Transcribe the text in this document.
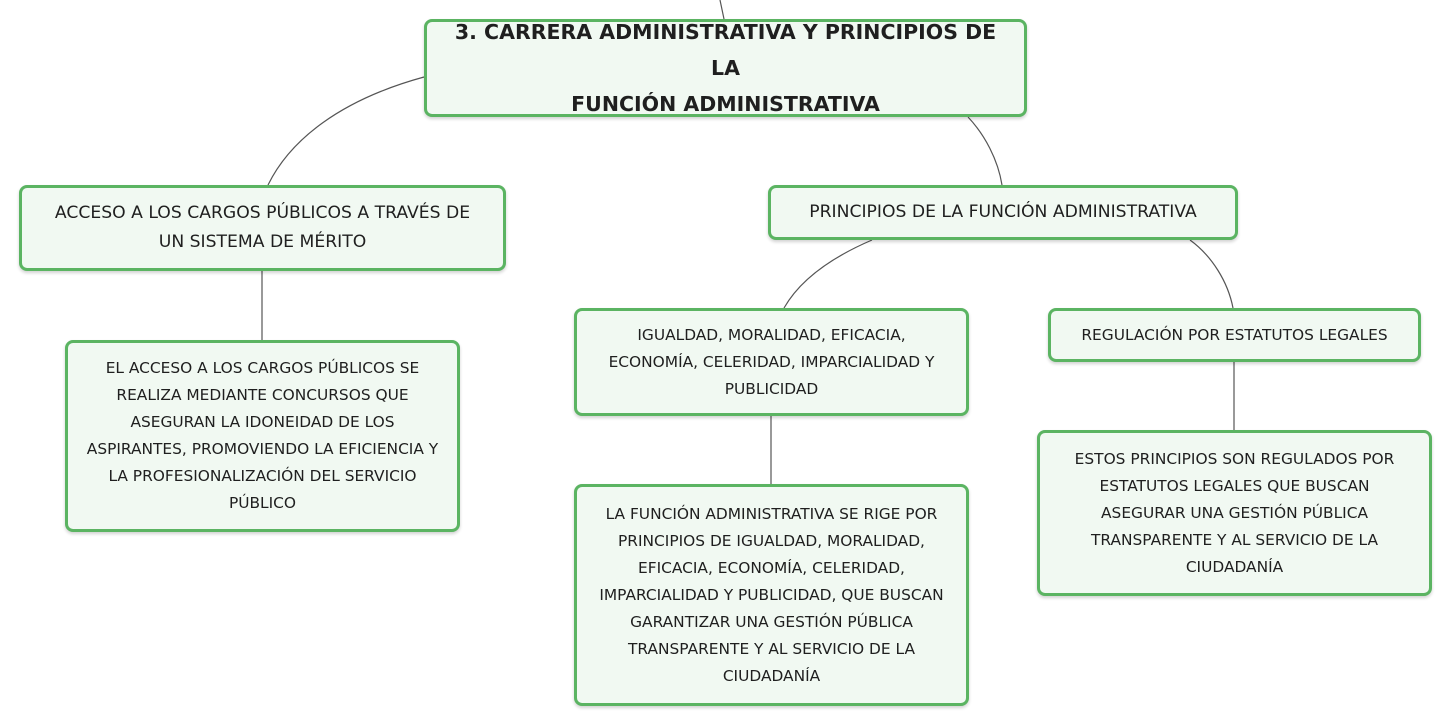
3. CARRERA ADMINISTRATIVA Y PRINCIPIOS DE LA
FUNCIÓN ADMINISTRATIVA
ACCESO A LOS CARGOS PÚBLICOS A TRAVÉS DE
UN SISTEMA DE MÉRITO
EL ACCESO A LOS CARGOS PÚBLICOS SE
REALIZA MEDIANTE CONCURSOS QUE
ASEGURAN LA IDONEIDAD DE LOS
ASPIRANTES, PROMOVIENDO LA EFICIENCIA Y
LA PROFESIONALIZACIÓN DEL SERVICIO
PÚBLICO
PRINCIPIOS DE LA FUNCIÓN ADMINISTRATIVA
IGUALDAD, MORALIDAD, EFICACIA,
ECONOMÍA, CELERIDAD, IMPARCIALIDAD Y
PUBLICIDAD
LA FUNCIÓN ADMINISTRATIVA SE RIGE POR
PRINCIPIOS DE IGUALDAD, MORALIDAD,
EFICACIA, ECONOMÍA, CELERIDAD,
IMPARCIALIDAD Y PUBLICIDAD, QUE BUSCAN
GARANTIZAR UNA GESTIÓN PÚBLICA
TRANSPARENTE Y AL SERVICIO DE LA
CIUDADANÍA
REGULACIÓN POR ESTATUTOS LEGALES
ESTOS PRINCIPIOS SON REGULADOS POR
ESTATUTOS LEGALES QUE BUSCAN
ASEGURAR UNA GESTIÓN PÚBLICA
TRANSPARENTE Y AL SERVICIO DE LA
CIUDADANÍA
